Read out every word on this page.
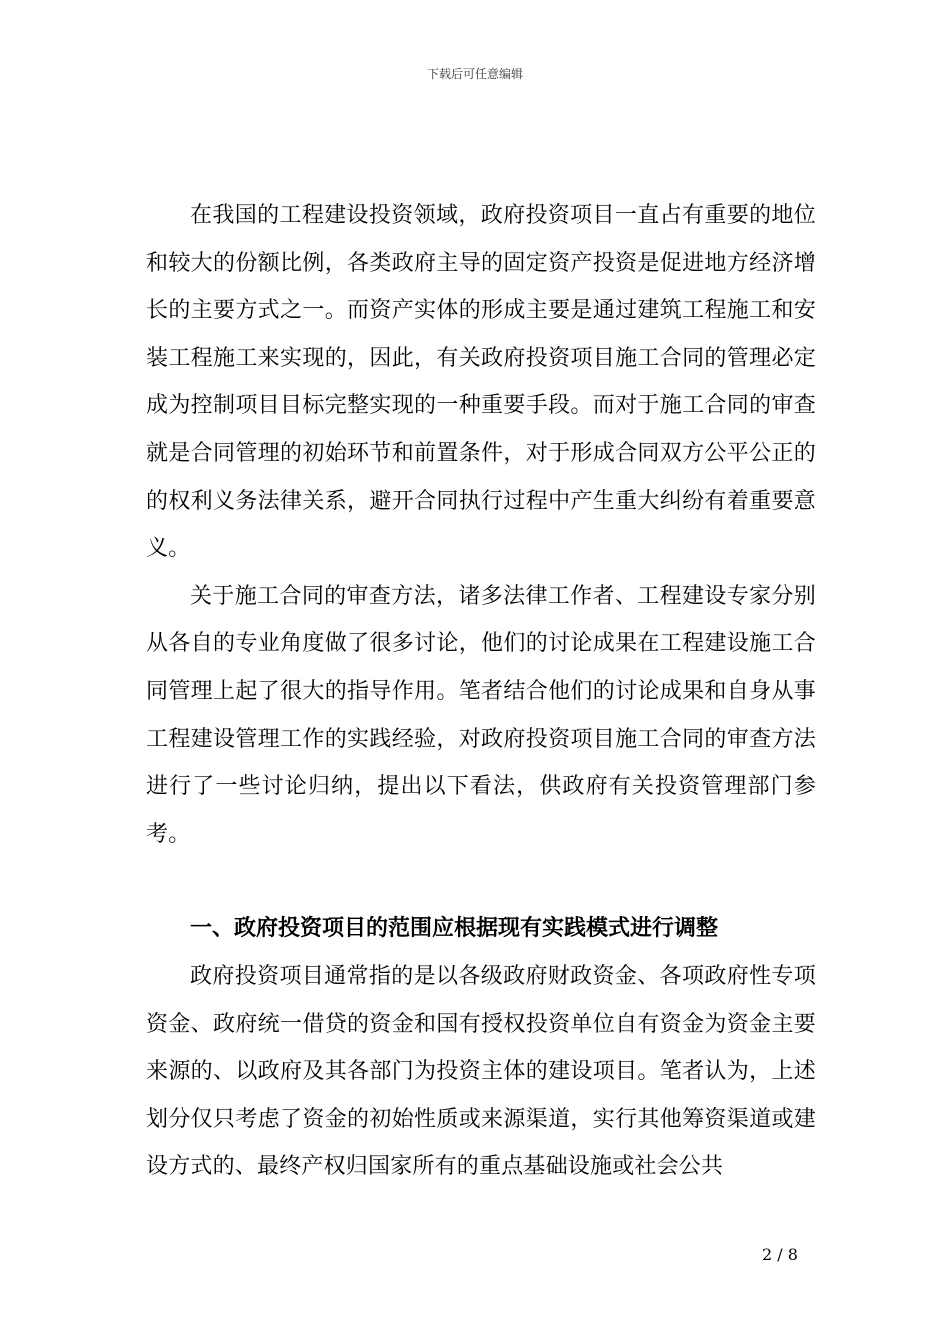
下载后可任意编辑

在我国的工程建设投资领域，政府投资项目一直占有重要的地位和较大的份额比例，各类政府主导的固定资产投资是促进地方经济增长的主要方式之一。而资产实体的形成主要是通过建筑工程施工和安装工程施工来实现的，因此，有关政府投资项目施工合同的管理必定成为控制项目目标完整实现的一种重要手段。而对于施工合同的审查就是合同管理的初始环节和前置条件，对于形成合同双方公平公正的的权利义务法律关系，避开合同执行过程中产生重大纠纷有着重要意义。

关于施工合同的审查方法，诸多法律工作者、工程建设专家分别从各自的专业角度做了很多讨论，他们的讨论成果在工程建设施工合同管理上起了很大的指导作用。笔者结合他们的讨论成果和自身从事工程建设管理工作的实践经验，对政府投资项目施工合同的审查方法进行了一些讨论归纳，提出以下看法，供政府有关投资管理部门参考。

一、政府投资项目的范围应根据现有实践模式进行调整

政府投资项目通常指的是以各级政府财政资金、各项政府性专项资金、政府统一借贷的资金和国有授权投资单位自有资金为资金主要来源的、以政府及其各部门为投资主体的建设项目。笔者认为，上述划分仅只考虑了资金的初始性质或来源渠道，实行其他筹资渠道或建设方式的、最终产权归国家所有的重点基础设施或社会公共

2 / 8
